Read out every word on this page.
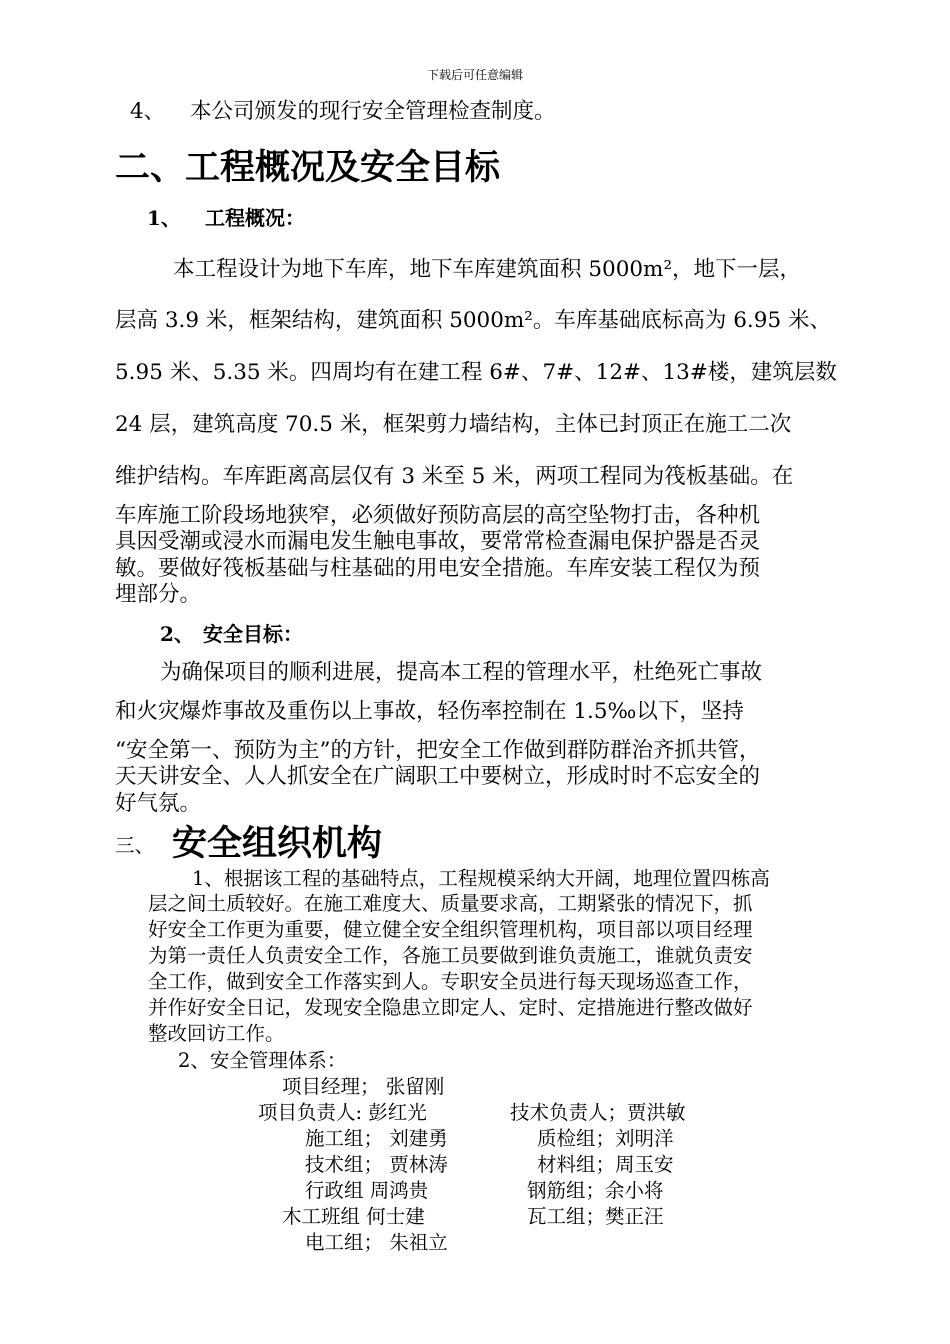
下载后可任意编辑
4、 本公司颁发的现行安全管理检查制度。
二、工程概况及安全目标
1、 工程概况：
本工程设计为地下车库，地下车库建筑面积 5000m²，地下一层，
层高 3.9 米，框架结构，建筑面积 5000m²。车库基础底标高为 6.95 米、
5.95 米、5.35 米。四周均有在建工程 6#、7#、12#、13#楼，建筑层数
24 层，建筑高度 70.5 米，框架剪力墙结构，主体已封顶正在施工二次
维护结构。车库距离高层仅有 3 米至 5 米，两项工程同为筏板基础。在
车库施工阶段场地狭窄，必须做好预防高层的高空坠物打击，各种机
具因受潮或浸水而漏电发生触电事故，要常常检查漏电保护器是否灵
敏。要做好筏板基础与柱基础的用电安全措施。车库安装工程仅为预
埋部分。
2、 安全目标：
为确保项目的顺利进展，提高本工程的管理水平，杜绝死亡事故
和火灾爆炸事故及重伤以上事故，轻伤率控制在 1.5‰以下，坚持
“安全第一、预防为主”的方针，把安全工作做到群防群治齐抓共管，
天天讲安全、人人抓安全在广阔职工中要树立，形成时时不忘安全的
好气氛。
三、 安全组织机构
1、根据该工程的基础特点，工程规模采纳大开阔，地理位置四栋高
层之间土质较好。在施工难度大、质量要求高，工期紧张的情况下，抓
好安全工作更为重要，健立健全安全组织管理机构，项目部以项目经理
为第一责任人负责安全工作，各施工员要做到谁负责施工，谁就负责安
全工作，做到安全工作落实到人。专职安全员进行每天现场巡查工作，
并作好安全日记，发现安全隐患立即定人、定时、定措施进行整改做好
整改回访工作。
2、安全管理体系：
项目经理； 张留刚
项目负责人: 彭红光	技术负责人；贾洪敏
施工组； 刘建勇	质检组；刘明洋
技术组； 贾林涛	材料组；周玉安
行政组 周鸿贵	钢筋组；余小将
木工班组 何士建	瓦工组；樊正汪
电工组； 朱祖立
